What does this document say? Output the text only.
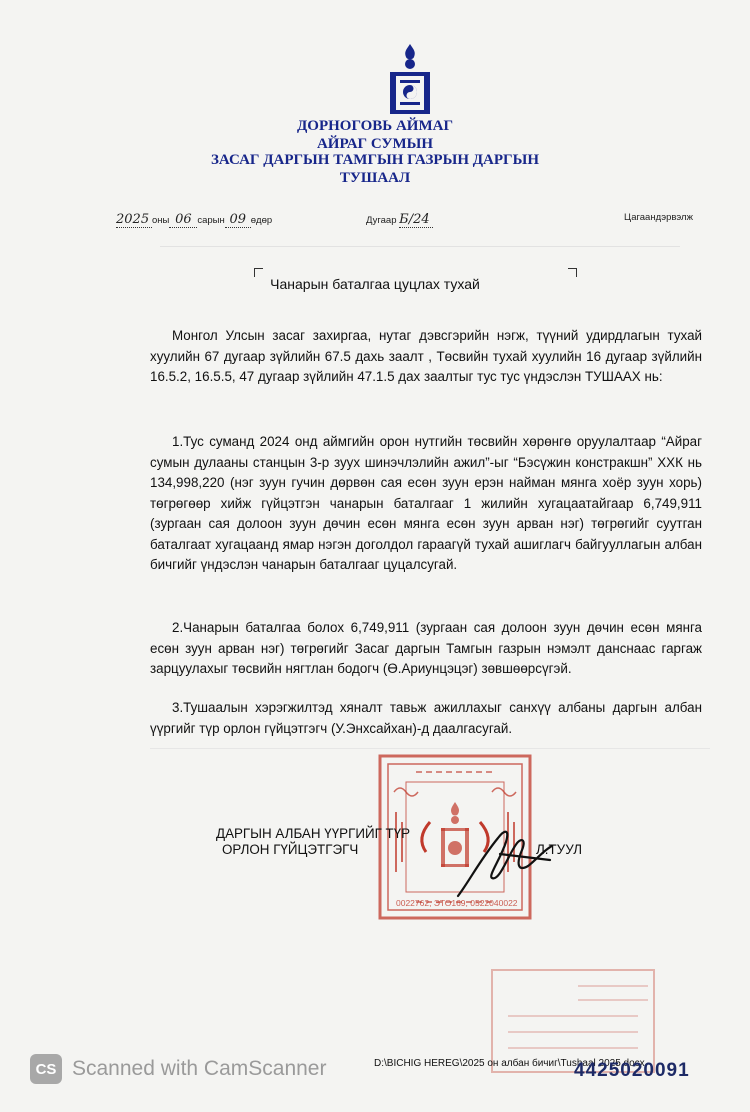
ДОРНОГОВЬ АЙМАГ
АЙРАГ СУМЫН
ЗАСАГ ДАРГЫН ТАМГЫН ГАЗРЫН ДАРГЫН
ТУШААЛ
2025 оны 06 сарын 09 өдөр	Дугаар Б/24	Цагаандэрвэлж
Чанарын баталгаа цуцлах тухай

Монгол Улсын засаг захиргаа, нутаг дэвсгэрийн нэгж, түүний удирдлагын тухай хуулийн 67 дугаар зүйлийн 67.5 дахь заалт , Төсвийн тухай хуулийн 16 дугаар зүйлийн 16.5.2, 16.5.5, 47 дугаар зүйлийн 47.1.5 дах заалтыг тус тус үндэслэн ТУШААХ нь:

1.Тус суманд 2024 онд аймгийн орон нутгийн төсвийн хөрөнгө оруулалтаар “Айраг сумын дулааны станцын 3-р зуух шинэчлэлийн ажил”-ыг “Бэсүжин констракшн” ХХК нь 134,998,220 (нэг зуун гучин дөрвөн сая есөн зуун ерэн найман мянга хоёр зуун хорь) төгрөгөөр хийж гүйцэтгэн чанарын баталгааг 1 жилийн хугацаатайгаар 6,749,911 (зургаан сая долоон зуун дөчин есөн мянга есөн зуун арван нэг) төгрөгийг суутган баталгаат хугацаанд ямар нэгэн доголдол гараагүй тухай ашиглагч байгууллагын албан бичгийг үндэслэн чанарын баталгааг цуцалсугай.

2.Чанарын баталгаа болох 6,749,911 (зургаан сая долоон зуун дөчин есөн мянга есөн зуун арван нэг) төгрөгийг Засаг даргын Тамгын газрын нэмэлт данснаас гаргаж зарцуулахыг төсвийн нягтлан бодогч (Ө.Ариунцэцэг) зөвшөөрсүгэй.

3.Тушаалын хэрэгжилтэд хяналт тавьж ажиллахыг санхүү албаны даргын албан үүргийг түр орлон гүйцэтгэгч (У.Энхсайхан)-д даалгасугай.

0022762, ЭТО169, 0522040022
ДАРГЫН АЛБАН ҮҮРГИЙГ ТҮР
ОРЛОН ГҮЙЦЭТГЭГЧ	Л.ТУУЛ
CS Scanned with CamScanner	D:\BICHIG HEREG\2025 он албан бичиг\Tushaal 2025.docx
4425020091
